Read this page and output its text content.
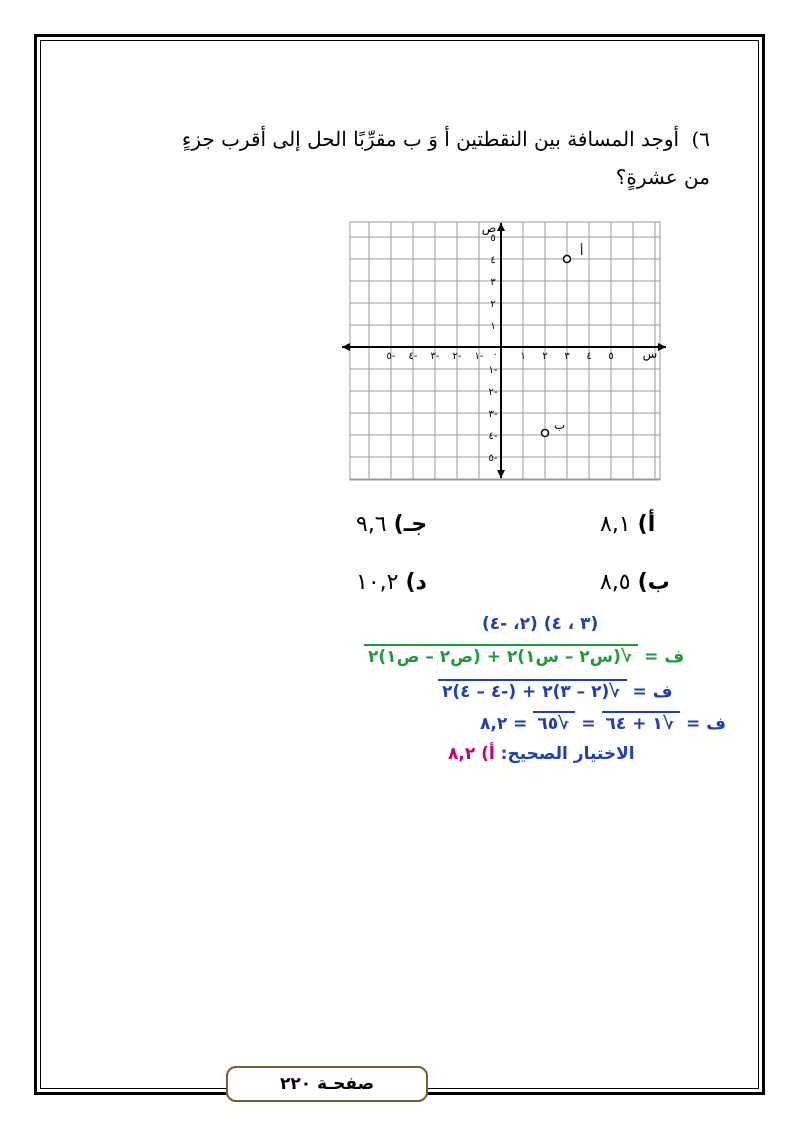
٦) أوجد المسافة بين النقطتين أ وَ ب مقرِّبًا الحل إلى أقرب جزءٍ
من عشرةٍ؟
ص
س
١ ٢ ٣ ٤ ٥
١-
٢-
٣-
٤-
٥-
١
٢
٣
٤
٥
١-
٢-
٣-
٤-
٥-
٠
أ
ب
أ) ٨,١
ب) ٨,٥
جـ) ٩,٦
د) ١٠,٢
(٣ ، ٤) (٢، -٤)
ف = √(س٢ – س١)٢ + (ص٢ – ص١)٢
ف = √(٢ – ٣)٢ + (-٤ – ٤)٢
ف = √١ + ٦٤ = √٦٥ = ٨,٢
الاختيار الصحيح: أ) ٨,٢
صفحـة ٢٢٠
